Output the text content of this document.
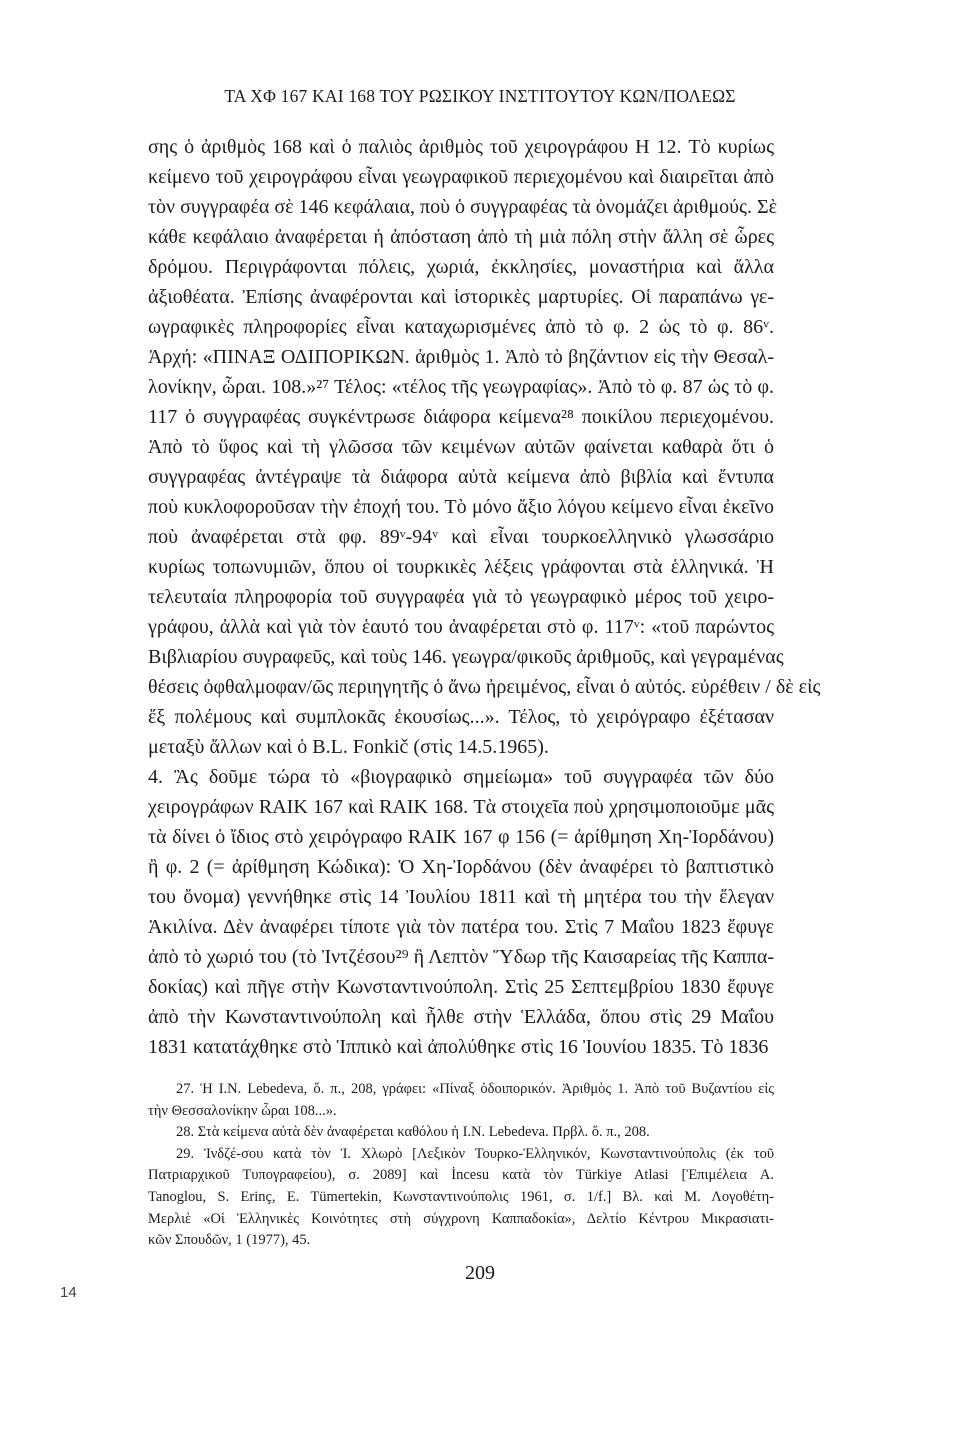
ΤΑ ΧΦ 167 ΚΑΙ 168 ΤΟΥ ΡΩΣΙΚΟΥ ΙΝΣΤΙΤΟΥΤΟΥ ΚΩΝ/ΠΟΛΕΩΣ
σης ὁ ἀριθμὸς 168 καὶ ὁ παλιὸς ἀριθμὸς τοῦ χειρογράφου H 12. Τὸ κυρίως
κείμενο τοῦ χειρογράφου εἶναι γεωγραφικοῦ περιεχομένου καὶ διαιρεῖται ἀπὸ
τὸν συγγραφέα σὲ 146 κεφάλαια, ποὺ ὁ συγγραφέας τὰ ὀνομάζει ἀριθμούς. Σὲ
κάθε κεφάλαιο ἀναφέρεται ἡ ἀπόσταση ἀπὸ τὴ μιὰ πόλη στὴν ἄλλη σὲ ὧρες
δρόμου. Περιγράφονται πόλεις, χωριά, ἐκκλησίες, μοναστήρια καὶ ἄλλα
ἀξιοθέατα. Ἐπίσης ἀναφέρονται καὶ ἱστορικὲς μαρτυρίες. Οἱ παραπάνω γε-
ωγραφικὲς πληροφορίες εἶναι καταχωρισμένες ἀπὸ τὸ φ. 2 ὡς τὸ φ. 86ᵛ.
Ἀρχή: «ΠΙΝΑΞ ΟΔΙΠΟΡΙΚΩΝ. ἀριθμὸς 1. Ἀπὸ τὸ βηζάντιον εἰς τὴν Θεσαλ-
λονίκην, ὧραι. 108.»²⁷ Τέλος: «τέλος τῆς γεωγραφίας». Ἀπὸ τὸ φ. 87 ὡς τὸ φ.
117 ὁ συγγραφέας συγκέντρωσε διάφορα κείμενα²⁸ ποικίλου περιεχομένου.
Ἀπὸ τὸ ὕφος καὶ τὴ γλῶσσα τῶν κειμένων αὐτῶν φαίνεται καθαρὰ ὅτι ὁ
συγγραφέας ἀντέγραψε τὰ διάφορα αὐτὰ κείμενα ἀπὸ βιβλία καὶ ἔντυπα
ποὺ κυκλοφοροῦσαν τὴν ἐποχή του. Τὸ μόνο ἄξιο λόγου κείμενο εἶναι ἐκεῖνο
ποὺ ἀναφέρεται στὰ φφ. 89ᵛ-94ᵛ καὶ εἶναι τουρκοελληνικὸ γλωσσάριο
κυρίως τοπωνυμιῶν, ὅπου οἱ τουρκικὲς λέξεις γράφονται στὰ ἑλληνικά. Ἡ
τελευταία πληροφορία τοῦ συγγραφέα γιὰ τὸ γεωγραφικὸ μέρος τοῦ χειρο-
γράφου, ἀλλὰ καὶ γιὰ τὸν ἑαυτό του ἀναφέρεται στὸ φ. 117ᵛ: «τοῦ παρώντος
Βιβλιαρίου συγραφεῦς, καὶ τοὺς 146. γεωγρα/φικοῦς ἀριθμοῦς, καὶ γεγραμένας
θέσεις ὀφθαλμοφαν/ῶς περιηγητῆς ὁ ἄνω ἠρειμένος, εἶναι ὁ αὐτός. εὐρέθειν / δὲ εἰς
ἔξ πολέμους καὶ συμπλοκᾶς ἐκουσίως...». Τέλος, τὸ χειρόγραφο ἐξέτασαν
μεταξὺ ἄλλων καὶ ὁ B.L. Fonkič (στὶς 14.5.1965).
4. Ἂς δοῦμε τώρα τὸ «βιογραφικὸ σημείωμα» τοῦ συγγραφέα τῶν δύο
χειρογράφων RAIK 167 καὶ RAIK 168. Τὰ στοιχεῖα ποὺ χρησιμοποιοῦμε μᾶς
τὰ δίνει ὁ ἴδιος στὸ χειρόγραφο RAIK 167 φ 156 (= ἀρίθμηση Χη-Ἰορδάνου)
ἢ φ. 2 (= ἀρίθμηση Κώδικα): Ὁ Χη-Ἰορδάνου (δὲν ἀναφέρει τὸ βαπτιστικὸ
του ὄνομα) γεννήθηκε στὶς 14 Ἰουλίου 1811 καὶ τὴ μητέρα του τὴν ἔλεγαν
Ἀκιλίνα. Δὲν ἀναφέρει τίποτε γιὰ τὸν πατέρα του. Στὶς 7 Μαΐου 1823 ἔφυγε
ἀπὸ τὸ χωριό του (τὸ Ἰντζέσου²⁹ ἢ Λεπτὸν Ὕδωρ τῆς Καισαρείας τῆς Καππα-
δοκίας) καὶ πῆγε στὴν Κωνσταντινούπολη. Στὶς 25 Σεπτεμβρίου 1830 ἔφυγε
ἀπὸ τὴν Κωνσταντινούπολη καὶ ἦλθε στὴν Ἑλλάδα, ὅπου στὶς 29 Μαΐου
1831 κατατάχθηκε στὸ Ἱππικὸ καὶ ἀπολύθηκε στὶς 16 Ἰουνίου 1835. Τὸ 1836
27. Ἡ I.N. Lebedeva, ὅ. π., 208, γράφει: «Πίναξ ὁδοιπορικόν. Ἀριθμὸς 1. Ἀπὸ τοῦ Βυζαντίου εἰς
τὴν Θεσσαλονίκην ὧραι 108...».
28. Στὰ κείμενα αὐτὰ δὲν ἀναφέρεται καθόλου ἡ I.N. Lebedeva. Πρβλ. ὅ. π., 208.
29. Ἰνδζέ-σου κατὰ τὸν Ἰ. Χλωρὸ [Λεξικὸν Τουρκο-Ἑλληνικόν, Κωνσταντινούπολις (ἐκ τοῦ
Πατριαρχικοῦ Τυπογραφείου), σ. 2089] καὶ İncesu κατὰ τὸν Türkiye Atlasi [Ἐπιμέλεια A.
Tanoglou, S. Erinç, E. Tümertekin, Κωνσταντινούπολις 1961, σ. 1/f.] Βλ. καὶ Μ. Λογοθέτη-
Μερλιὲ «Οἱ Ἑλληνικὲς Κοινότητες στὴ σύγχρονη Καππαδοκία», Δελτίο Κέντρου Μικρασιατι-
κῶν Σπουδῶν, 1 (1977), 45.
209
14
